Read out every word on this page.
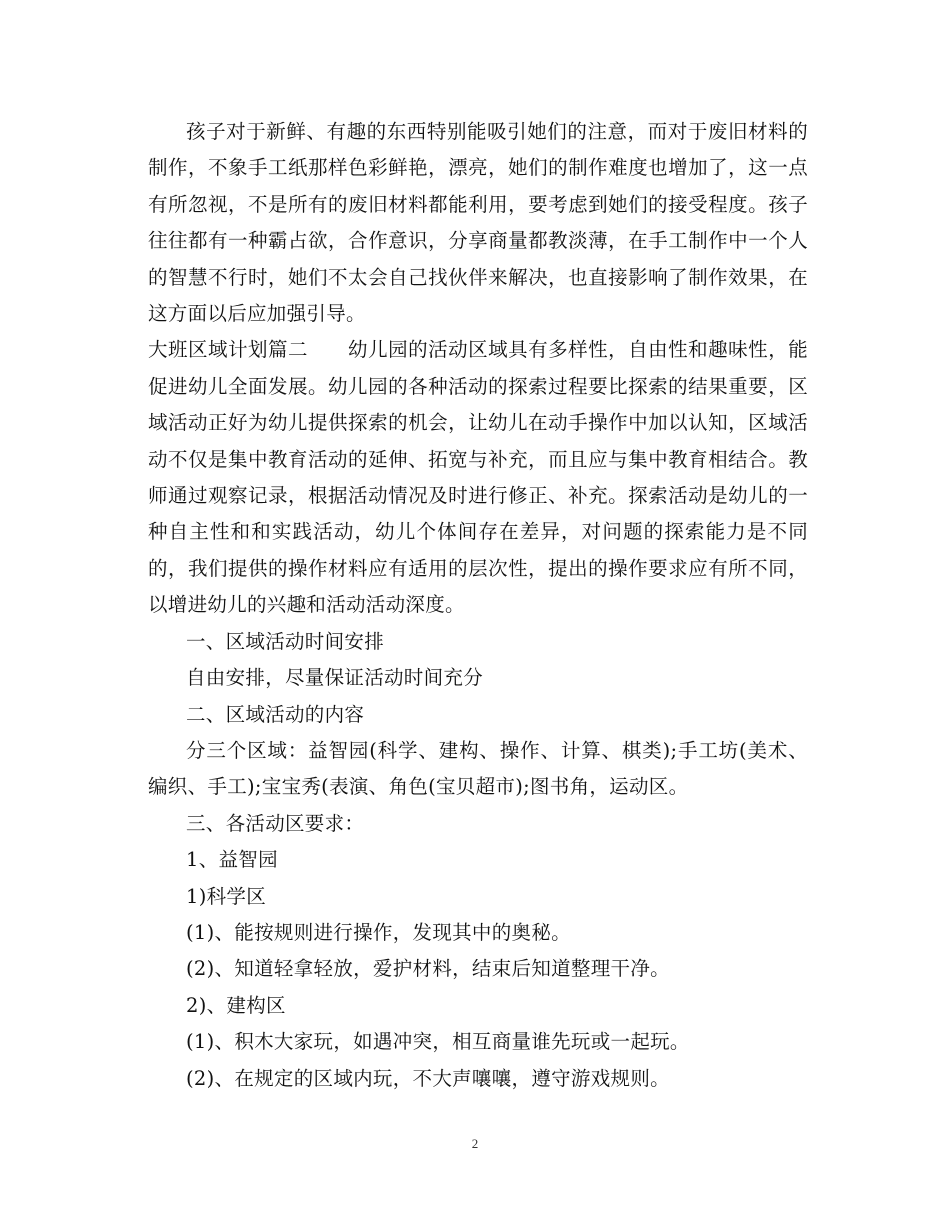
孩子对于新鲜、有趣的东西特别能吸引她们的注意，而对于废旧材料的制作，不象手工纸那样色彩鲜艳，漂亮，她们的制作难度也增加了，这一点有所忽视，不是所有的废旧材料都能利用，要考虑到她们的接受程度。孩子往往都有一种霸占欲，合作意识，分享商量都教淡薄，在手工制作中一个人的智慧不行时，她们不太会自己找伙伴来解决，也直接影响了制作效果，在这方面以后应加强引导。

大班区域计划篇二　　幼儿园的活动区域具有多样性，自由性和趣味性，能促进幼儿全面发展。幼儿园的各种活动的探索过程要比探索的结果重要，区域活动正好为幼儿提供探索的机会，让幼儿在动手操作中加以认知，区域活动不仅是集中教育活动的延伸、拓宽与补充，而且应与集中教育相结合。教师通过观察记录，根据活动情况及时进行修正、补充。探索活动是幼儿的一种自主性和和实践活动，幼儿个体间存在差异，对问题的探索能力是不同的，我们提供的操作材料应有适用的层次性，提出的操作要求应有所不同，以增进幼儿的兴趣和活动活动深度。

一、区域活动时间安排

自由安排，尽量保证活动时间充分

二、区域活动的内容

分三个区域：益智园(科学、建构、操作、计算、棋类);手工坊(美术、编织、手工);宝宝秀(表演、角色(宝贝超市);图书角，运动区。

三、各活动区要求：

1、益智园

1)科学区

(1)、能按规则进行操作，发现其中的奥秘。

(2)、知道轻拿轻放，爱护材料，结束后知道整理干净。

2)、建构区

(1)、积木大家玩，如遇冲突，相互商量谁先玩或一起玩。

(2)、在规定的区域内玩，不大声嚷嚷，遵守游戏规则。

2
